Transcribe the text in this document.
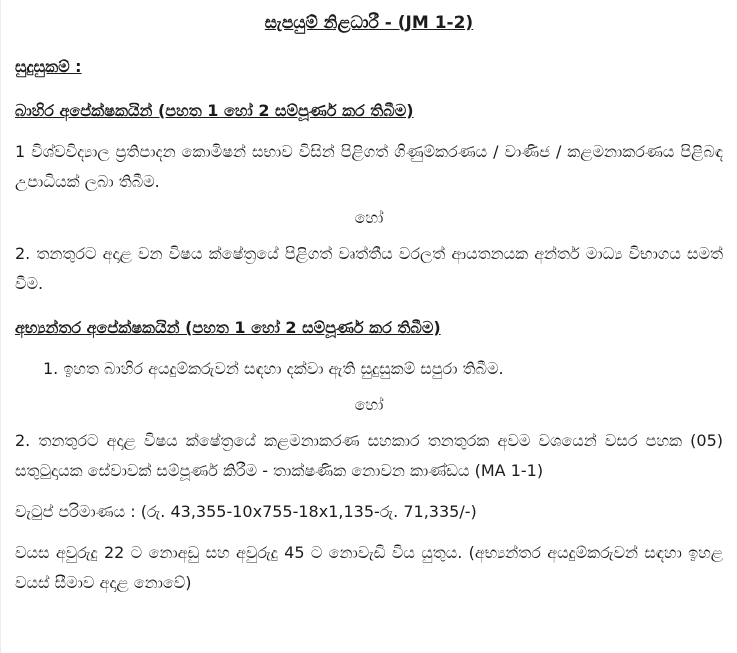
සැපයුම් නිළධාරී - (JM 1-2)
සුදුසුකම් :
බාහිර අපේක්ෂකයින් (පහත 1 හෝ 2 සම්පූර්ණ කර තිබීම)
1 විශ්වවිද්‍යාල ප්‍රතිපාදන කොමිෂන් සභාව විසින් පිළිගත් ගිණුම්කරණය / වාණිජ / කළමනාකරණය පිළිබඳ උපාධියක් ලබා තිබීම.
හෝ
2. තනතුරට අදාළ වන විෂය ක්ෂේත්‍රයේ පිළිගත් වෘත්තීය වරලත් ආයතනයක අන්තර් මාධ්‍ය විභාගය සමත් වීම.
අභ්‍යන්තර අපේක්ෂකයින් (පහත 1 හෝ 2 සම්පූර්ණ කර තිබීම)
1. ඉහත බාහිර අයදුම්කරුවන් සඳහා දක්වා ඇති සුදුසුකම් සපුරා තිබීම.
හෝ
2. තනතුරට අදාළ විෂය ක්ෂේත්‍රයේ කළමනාකරණ සහකාර තනතුරක අවම වශයෙන් වසර පහක (05) සතුටුදායක සේවාවක් සම්පූර්ණ කිරීම - තාක්ෂණික නොවන කාණ්ඩය (MA 1-1)
වැටුප් පරිමාණය : (රු. 43,355-10x755-18x1,135-රු. 71,335/-)
වයස අවුරුදු 22 ට නොඅඩු සහ අවුරුදු 45 ට නොවැඩි විය යුතුය. (අභ්‍යන්තර අයදුම්කරුවන් සඳහා ඉහළ වයස් සීමාව අදාළ නොවේ)
